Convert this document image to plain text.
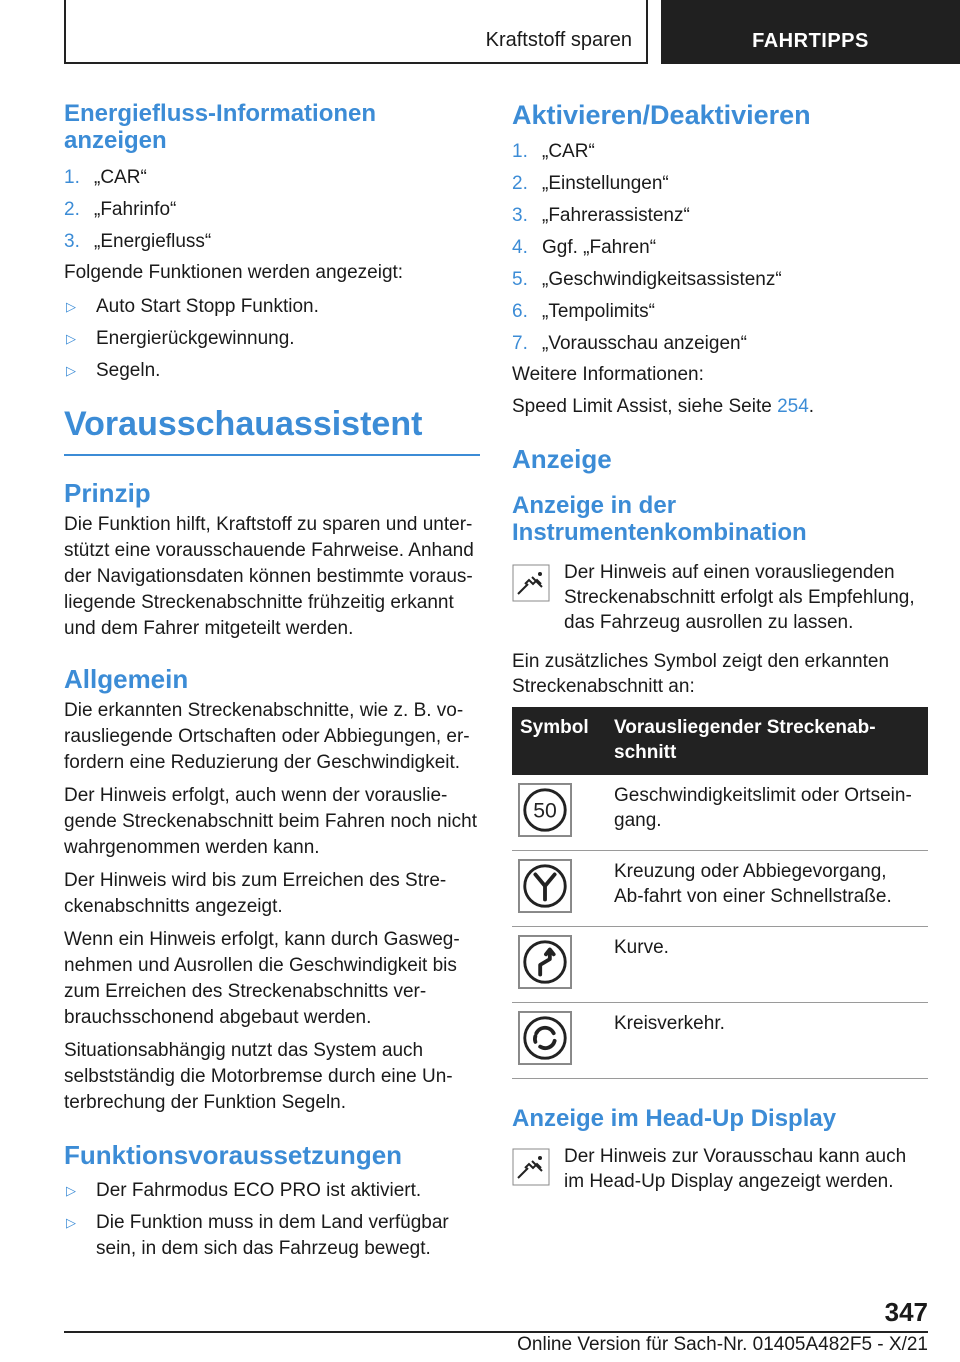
Kraftstoff sparen	FAHRTIPPS
Energiefluss-Informationen anzeigen
1. „CAR“
2. „Fahrinfo“
3. „Energiefluss“

Folgende Funktionen werden angezeigt:

▷	Auto Start Stopp Funktion.
▷	Energierückgewinnung.
▷	Segeln.
Vorausschauassistent
Prinzip

Die Funktion hilft, Kraftstoff zu sparen und unter‐stützt eine vorausschauende Fahrweise. Anhand der Navigationsdaten können bestimmte voraus‐liegende Streckenabschnitte frühzeitig erkannt und dem Fahrer mitgeteilt werden.

Allgemein

Die erkannten Streckenabschnitte, wie z. B. vo‐rausliegende Ortschaften oder Abbiegungen, er‐fordern eine Reduzierung der Geschwindigkeit.

Der Hinweis erfolgt, auch wenn der vorauslie‐gende Streckenabschnitt beim Fahren noch nicht wahrgenommen werden kann.

Der Hinweis wird bis zum Erreichen des Stre‐ckenabschnitts angezeigt.

Wenn ein Hinweis erfolgt, kann durch Gasweg‐nehmen und Ausrollen die Geschwindigkeit bis zum Erreichen des Streckenabschnitts ver‐brauchsschonend abgebaut werden.

Situationsabhängig nutzt das System auch selbstständig die Motorbremse durch eine Un‐terbrechung der Funktion Segeln.

Funktionsvoraussetzungen
▷	Der Fahrmodus ECO PRO ist aktiviert.
▷	Die Funktion muss in dem Land verfügbar sein, in dem sich das Fahrzeug bewegt.
Aktivieren/Deaktivieren
1. „CAR“
2. „Einstellungen“
3. „Fahrerassistenz“
4. Ggf. „Fahren“
5. „Geschwindigkeitsassistenz“
6. „Tempolimits“
7. „Vorausschau anzeigen“

Weitere Informationen:

Speed Limit Assist, siehe Seite 254.

Anzeige
Anzeige in der Instrumentenkombination

Der Hinweis auf einen vorausliegenden Streckenabschnitt erfolgt als Empfehlung, das Fahrzeug ausrollen zu lassen.

Ein zusätzliches Symbol zeigt den erkannten Streckenabschnitt an:

Symbol	Vorausliegender Streckenab‐schnitt

50	Geschwindigkeitslimit oder Ortsein‐gang.

	Kreuzung oder Abbiegevorgang, Ab‐fahrt von einer Schnellstraße.

	Kurve.

	Kreisverkehr.
Anzeige im Head-Up Display

Der Hinweis zur Vorausschau kann auch im Head-Up Display angezeigt werden.

347
Online Version für Sach-Nr. 01405A482F5 - X/21
